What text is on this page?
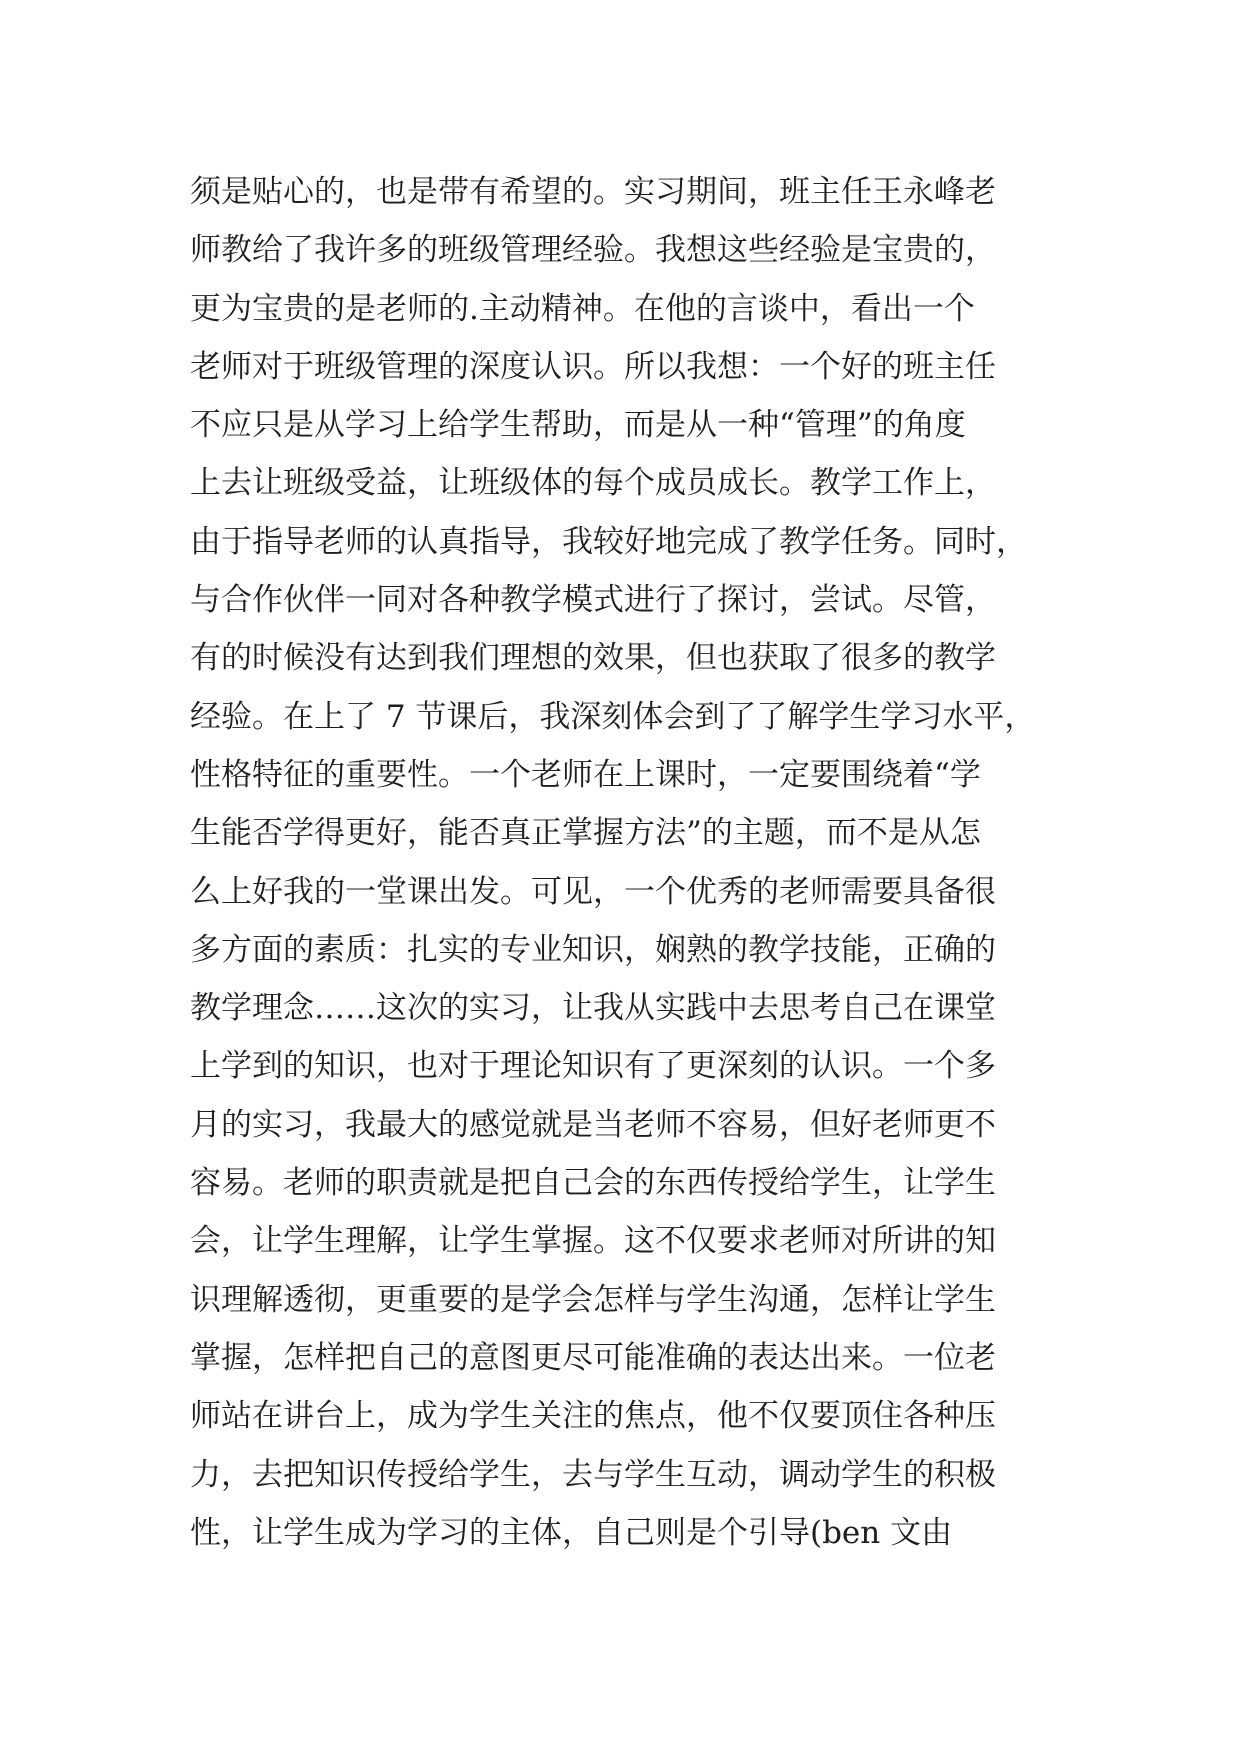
须是贴心的，也是带有希望的。实习期间，班主任王永峰老
师教给了我许多的班级管理经验。我想这些经验是宝贵的，
更为宝贵的是老师的.主动精神。在他的言谈中，看出一个
老师对于班级管理的深度认识。所以我想：一个好的班主任
不应只是从学习上给学生帮助，而是从一种“管理”的角度
上去让班级受益，让班级体的每个成员成长。教学工作上，
由于指导老师的认真指导，我较好地完成了教学任务。同时，
与合作伙伴一同对各种教学模式进行了探讨，尝试。尽管，
有的时候没有达到我们理想的效果，但也获取了很多的教学
经验。在上了 7 节课后，我深刻体会到了了解学生学习水平，
性格特征的重要性。一个老师在上课时，一定要围绕着“学
生能否学得更好，能否真正掌握方法”的主题，而不是从怎
么上好我的一堂课出发。可见，一个优秀的老师需要具备很
多方面的素质：扎实的专业知识，娴熟的教学技能，正确的
教学理念……这次的实习，让我从实践中去思考自己在课堂
上学到的知识，也对于理论知识有了更深刻的认识。一个多
月的实习，我最大的感觉就是当老师不容易，但好老师更不
容易。老师的职责就是把自己会的东西传授给学生，让学生
会，让学生理解，让学生掌握。这不仅要求老师对所讲的知
识理解透彻，更重要的是学会怎样与学生沟通，怎样让学生
掌握，怎样把自己的意图更尽可能准确的表达出来。一位老
师站在讲台上，成为学生关注的焦点，他不仅要顶住各种压
力，去把知识传授给学生，去与学生互动，调动学生的积极
性，让学生成为学习的主体，自己则是个引导(ben 文由
